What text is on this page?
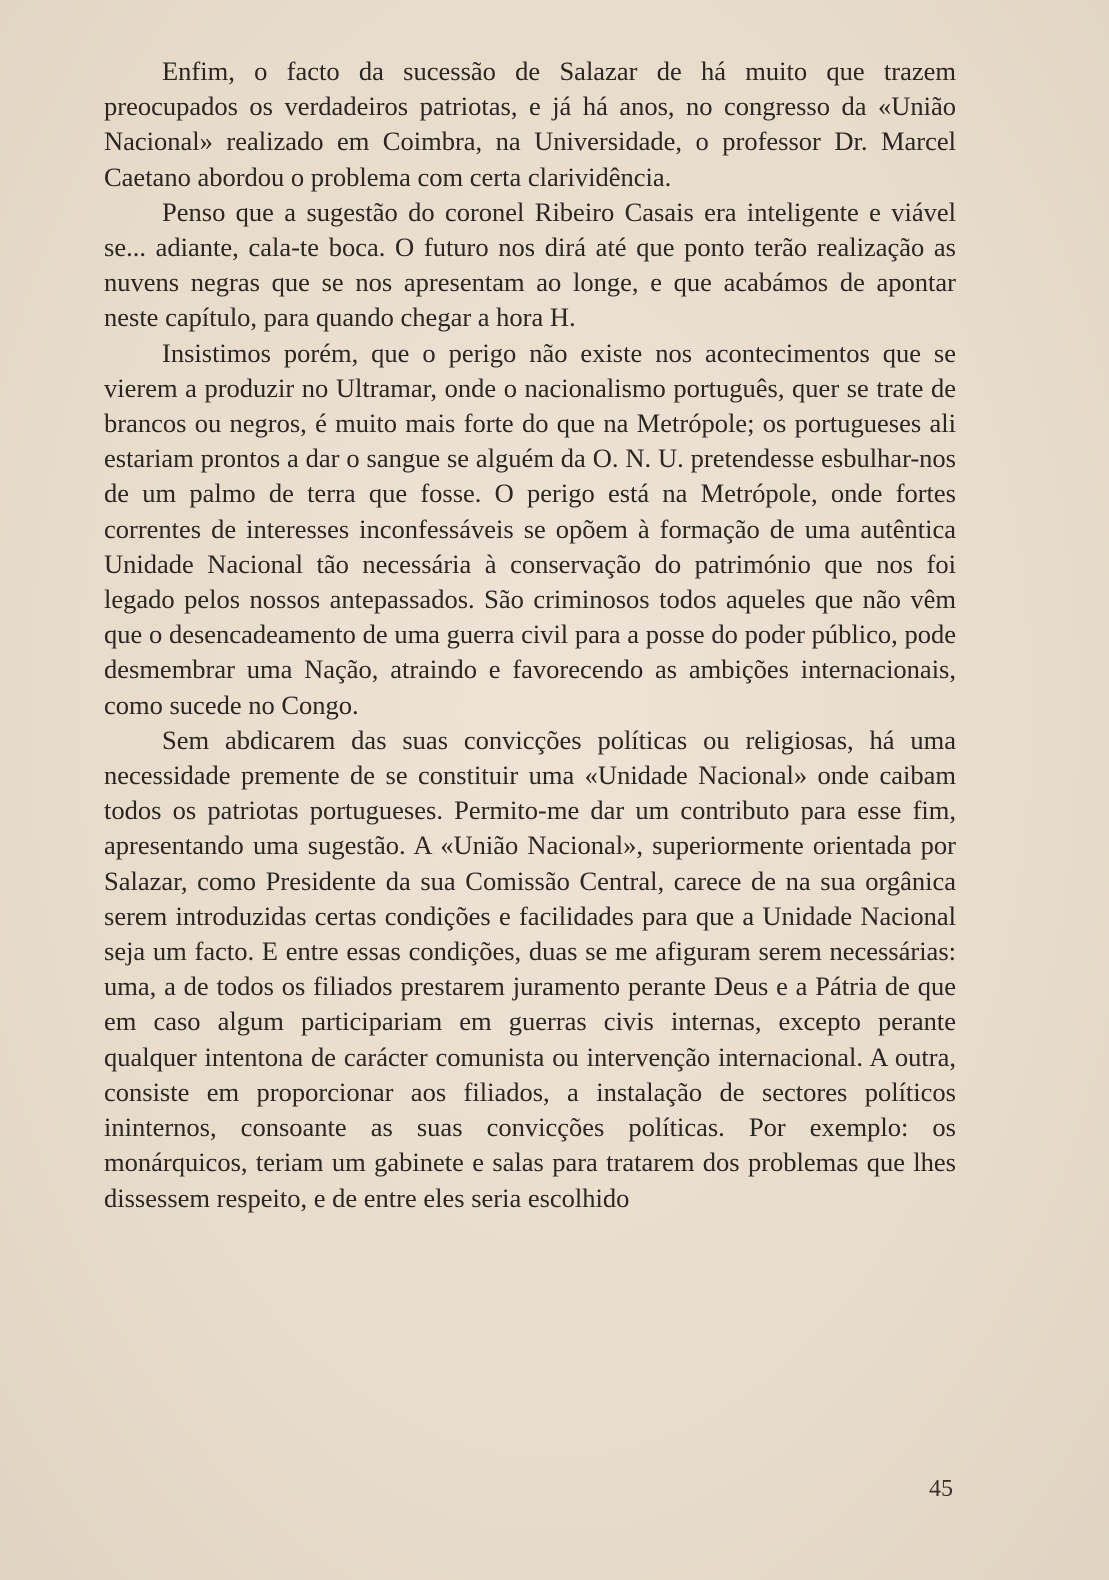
Enfim, o facto da sucessão de Salazar de há muito que trazem preocupados os verdadeiros patriotas, e já há anos, no congresso da «União Nacional» realizado em Coimbra, na Universidade, o professor Dr. Marcel Caetano abordou o problema com certa clarividência.

Penso que a sugestão do coronel Ribeiro Casais era inteligente e viável se... adiante, cala-te boca. O futuro nos dirá até que ponto terão realização as nuvens negras que se nos apresentam ao longe, e que acabámos de apontar neste capítulo, para quando chegar a hora H.

Insistimos porém, que o perigo não existe nos acontecimentos que se vierem a produzir no Ultramar, onde o nacionalismo português, quer se trate de brancos ou negros, é muito mais forte do que na Metrópole; os portugueses ali estariam prontos a dar o sangue se alguém da O. N. U. pretendesse esbulhar-nos de um palmo de terra que fosse. O perigo está na Metrópole, onde fortes correntes de interesses inconfessáveis se opõem à formação de uma autêntica Unidade Nacional tão necessária à conservação do património que nos foi legado pelos nossos antepassados. São criminosos todos aqueles que não vêm que o desencadeamento de uma guerra civil para a posse do poder público, pode desmembrar uma Nação, atraindo e favorecendo as ambições internacionais, como sucede no Congo.

Sem abdicarem das suas convicções políticas ou religiosas, há uma necessidade premente de se constituir uma «Unidade Nacional» onde caibam todos os patriotas portugueses. Permito-me dar um contributo para esse fim, apresentando uma sugestão. A «União Nacional», superiormente orientada por Salazar, como Presidente da sua Comissão Central, carece de na sua orgânica serem introduzidas certas condições e facilidades para que a Unidade Nacional seja um facto. E entre essas condições, duas se me afiguram serem necessárias: uma, a de todos os filiados prestarem juramento perante Deus e a Pátria de que em caso algum participariam em guerras civis internas, excepto perante qualquer intentona de carácter comunista ou intervenção internacional. A outra, consiste em proporcionar aos filiados, a instalação de sectores políticos ininternos, consoante as suas convicções políticas. Por exemplo: os monárquicos, teriam um gabinete e salas para tratarem dos problemas que lhes dissessem respeito, e de entre eles seria escolhido

45
